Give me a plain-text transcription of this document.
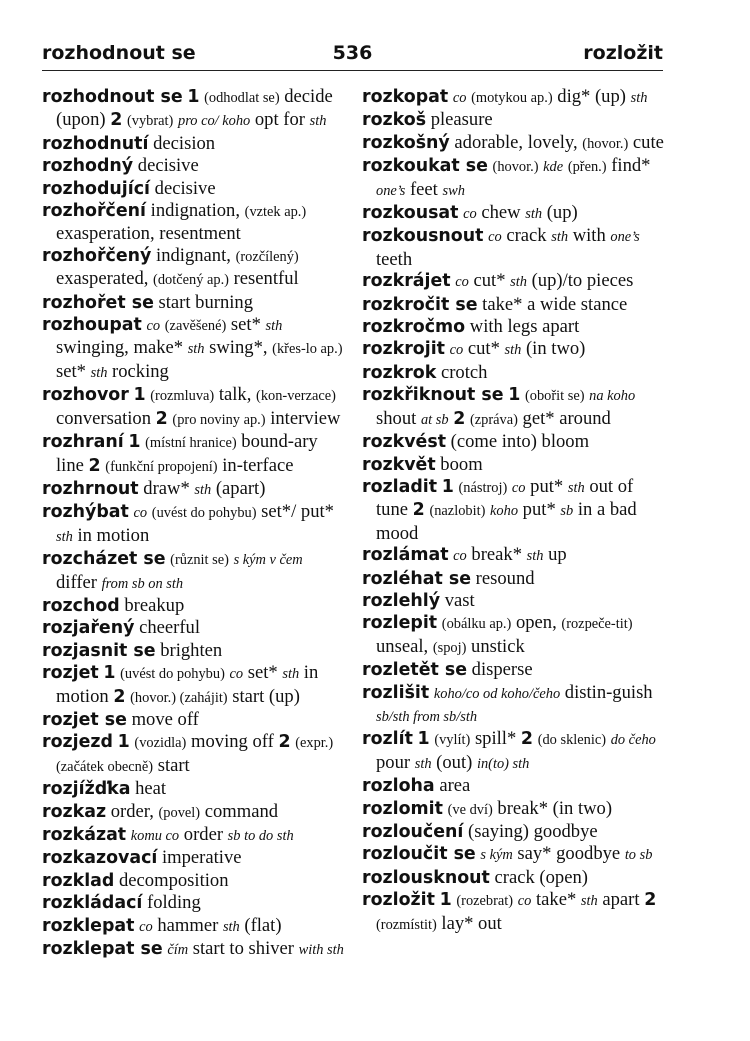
rozhodnout se	536	rozložit

rozhodnout se 1 (odhodlat se) decide (upon) 2 (vybrat) pro co/ koho opt for sth

rozhodnutí decision

rozhodný decisive

rozhodující decisive

rozhořčení indignation, (vztek ap.) exasperation, resentment

rozhořčený indignant, (rozčílený) exasperated, (dotčený ap.) resentful

rozhořet se start burning

rozhoupat co (zavěšené) set* sth swinging, make* sth swing*, (křes-lo ap.) set* sth rocking

rozhovor 1 (rozmluva) talk, (kon-verzace) conversation 2 (pro noviny ap.) interview

rozhraní 1 (místní hranice) bound-ary line 2 (funkční propojení) in-terface

rozhrnout draw* sth (apart)

rozhýbat co (uvést do pohybu) set*/ put* sth in motion

rozcházet se (různit se) s kým v čem differ from sb on sth

rozchod breakup

rozjařený cheerful

rozjasnit se brighten

rozjet 1 (uvést do pohybu) co set* sth in motion 2 (hovor.) (zahájit) start (up)

rozjet se move off

rozjezd 1 (vozidla) moving off 2 (expr.) (začátek obecně) start

rozjížďka heat

rozkaz order, (povel) command

rozkázat komu co order sb to do sth

rozkazovací imperative

rozklad decomposition

rozkládací folding

rozklepat co hammer sth (flat)

rozklepat se čím start to shiver with sth

rozkopat co (motykou ap.) dig* (up) sth

rozkoš pleasure

rozkošný adorable, lovely, (hovor.) cute

rozkoukat se (hovor.) kde (přen.) find* one’s feet swh

rozkousat co chew sth (up)

rozkousnout co crack sth with one’s teeth

rozkrájet co cut* sth (up)/to pieces

rozkročit se take* a wide stance

rozkročmo with legs apart

rozkrojit co cut* sth (in two)

rozkrok crotch

rozkřiknout se 1 (obořit se) na koho shout at sb 2 (zpráva) get* around

rozkvést (come into) bloom

rozkvět boom

rozladit 1 (nástroj) co put* sth out of tune 2 (nazlobit) koho put* sb in a bad mood

rozlámat co break* sth up

rozléhat se resound

rozlehlý vast

rozlepit (obálku ap.) open, (rozpeče-tit) unseal, (spoj) unstick

rozletět se disperse

rozlišit koho/co od koho/čeho distin-guish sb/sth from sb/sth

rozlít 1 (vylít) spill* 2 (do sklenic) do čeho pour sth (out) in(to) sth

rozloha area

rozlomit (ve dví) break* (in two)

rozloučení (saying) goodbye

rozloučit se s kým say* goodbye to sb

rozlousknout crack (open)

rozložit 1 (rozebrat) co take* sth apart 2 (rozmístit) lay* out
